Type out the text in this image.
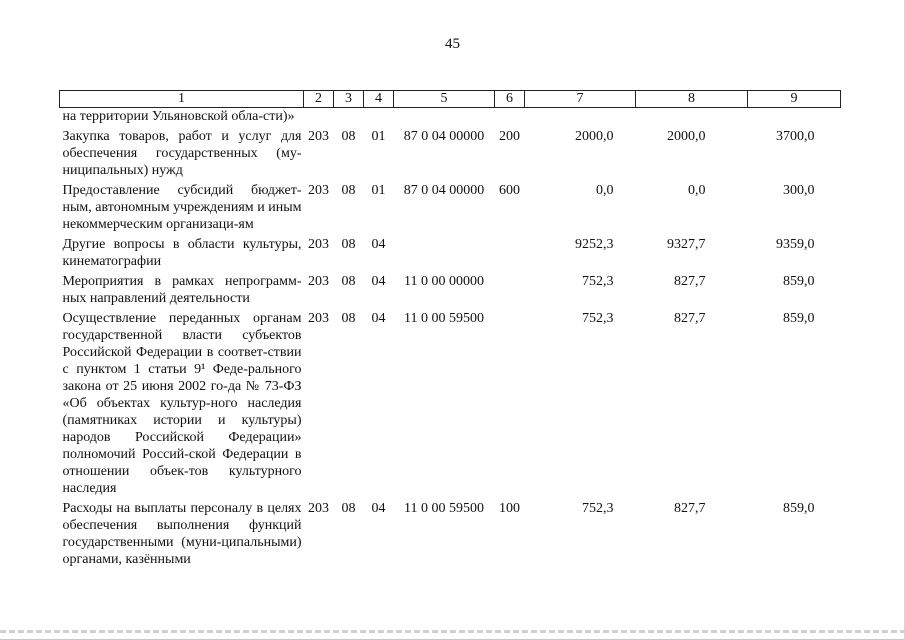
45
1	2	3	4	5	6	7	8	9
на территории Ульяновской обла-сти)»								
Закупка товаров, работ и услуг для обеспечения государственных (му-ниципальных) нужд	203	08	01	87 0 04 00000	200	2000,0	2000,0	3700,0
Предоставление субсидий бюджет-ным, автономным учреждениям и иным некоммерческим организаци-ям	203	08	01	87 0 04 00000	600	0,0	0,0	300,0
Другие вопросы в области культуры, кинематографии	203	08	04			9252,3	9327,7	9359,0
Мероприятия в рамках непрограмм-ных направлений деятельности	203	08	04	11 0 00 00000		752,3	827,7	859,0
Осуществление переданных органам государственной власти субъектов Российской Федерации в соответ-ствии с пунктом 1 статьи 9¹ Феде-рального закона от 25 июня 2002 го-да № 73-ФЗ «Об объектах культур-ного наследия (памятниках истории и культуры) народов Российской Федерации» полномочий Россий-ской Федерации в отношении объек-тов культурного наследия	203	08	04	11 0 00 59500		752,3	827,7	859,0
Расходы на выплаты персоналу в целях обеспечения выполнения функций государственными (муни-ципальными) органами, казёнными	203	08	04	11 0 00 59500	100	752,3	827,7	859,0
